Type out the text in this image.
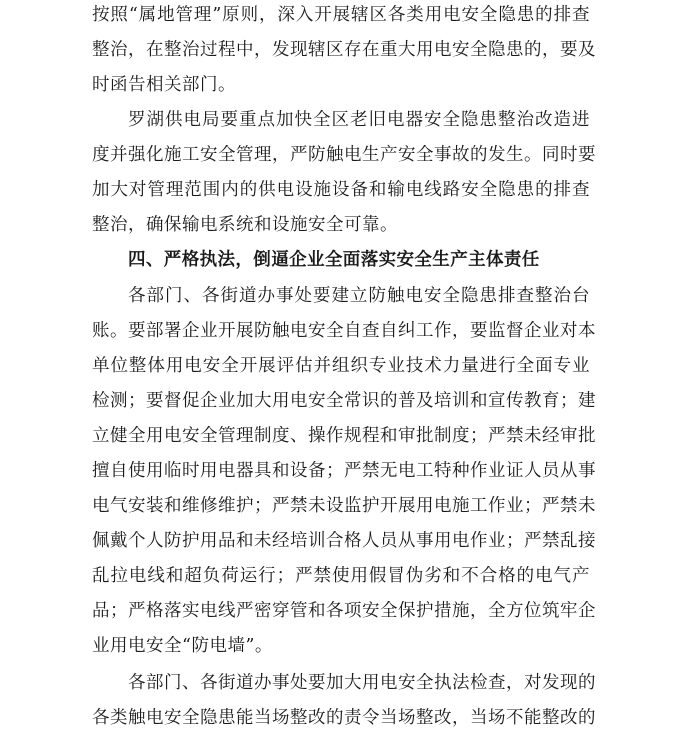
按照“属地管理”原则，深入开展辖区各类用电安全隐患的排查
整治，在整治过程中，发现辖区存在重大用电安全隐患的，要及
时函告相关部门。
罗湖供电局要重点加快全区老旧电器安全隐患整治改造进
度并强化施工安全管理，严防触电生产安全事故的发生。同时要
加大对管理范围内的供电设施设备和输电线路安全隐患的排查
整治，确保输电系统和设施安全可靠。
四、严格执法，倒逼企业全面落实安全生产主体责任
各部门、各街道办事处要建立防触电安全隐患排查整治台
账。要部署企业开展防触电安全自查自纠工作，要监督企业对本
单位整体用电安全开展评估并组织专业技术力量进行全面专业
检测；要督促企业加大用电安全常识的普及培训和宣传教育；建
立健全用电安全管理制度、操作规程和审批制度；严禁未经审批
擅自使用临时用电器具和设备；严禁无电工特种作业证人员从事
电气安装和维修维护；严禁未设监护开展用电施工作业；严禁未
佩戴个人防护用品和未经培训合格人员从事用电作业；严禁乱接
乱拉电线和超负荷运行；严禁使用假冒伪劣和不合格的电气产
品；严格落实电线严密穿管和各项安全保护措施，全方位筑牢企
业用电安全“防电墙”。
各部门、各街道办事处要加大用电安全执法检查，对发现的
各类触电安全隐患能当场整改的责令当场整改，当场不能整改的
